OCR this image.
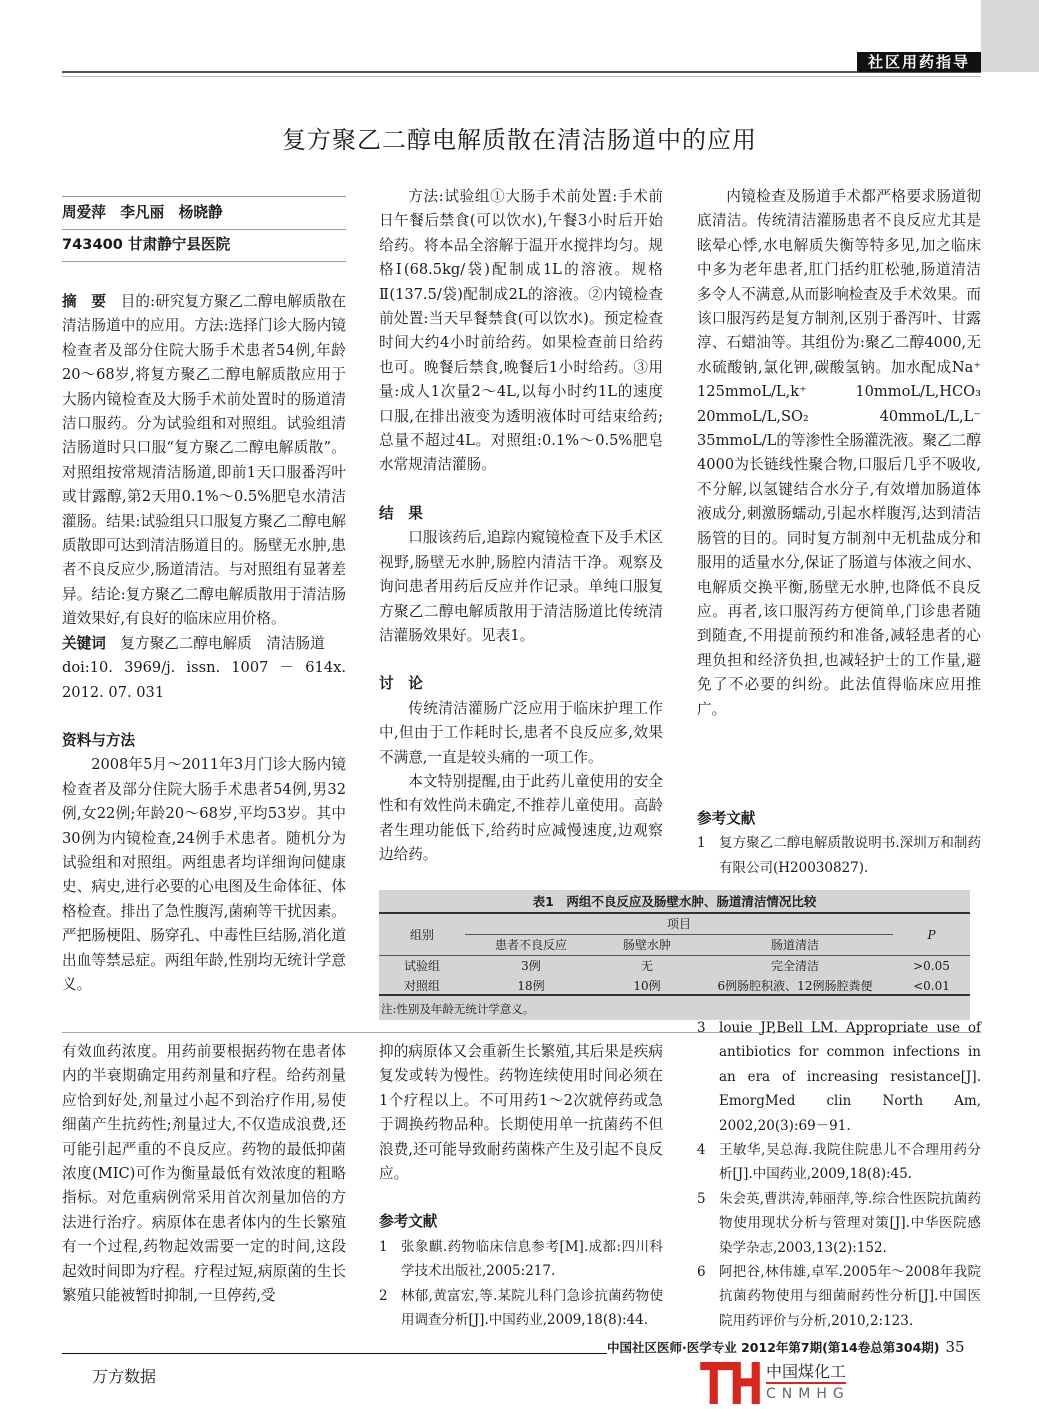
社区用药指导
复方聚乙二醇电解质散在清洁肠道中的应用
周爱萍　李凡丽　杨晓静
743400 甘肃静宁县医院

摘　要　 目的:研究复方聚乙二醇电解质散在清洁肠道中的应用。方法:选择门诊大肠内镜检查者及部分住院大肠手术患者54例,年龄20～68岁,将复方聚乙二醇电解质散应用于大肠内镜检查及大肠手术前处置时的肠道清洁口服药。分为试验组和对照组。试验组清洁肠道时只口服“复方聚乙二醇电解质散”。对照组按常规清洁肠道,即前1天口服番泻叶或甘露醇,第2天用0.1%～0.5%肥皂水清洁灌肠。结果:试验组只口服复方聚乙二醇电解质散即可达到清洁肠道目的。肠壁无水肿,患者不良反应少,肠道清洁。与对照组有显著差异。结论:复方聚乙二醇电解质散用于清洁肠道效果好,有良好的临床应用价格。

关键词　 复方聚乙二醇电解质　清洁肠道

doi:10. 3969/j. issn. 1007 － 614x. 2012. 07. 031

资料与方法

2008年5月～2011年3月门诊大肠内镜检查者及部分住院大肠手术患者54例,男32例,女22例;年龄20～68岁,平均53岁。其中30例为内镜检查,24例手术患者。随机分为试验组和对照组。两组患者均详细询问健康史、病史,进行必要的心电图及生命体征、体格检查。排出了急性腹泻,菌痢等干扰因素。严把肠梗阻、肠穿孔、中毒性巨结肠,消化道出血等禁忌症。两组年龄,性别均无统计学意义。

方法:试验组①大肠手术前处置:手术前日午餐后禁食(可以饮水),午餐3小时后开始给药。将本品全溶解于温开水搅拌均匀。规格Ⅰ(68.5kg/袋)配制成1L的溶液。规格Ⅱ(137.5/袋)配制成2L的溶液。②内镜检查前处置:当天早餐禁食(可以饮水)。预定检查时间大约4小时前给药。如果检查前日给药也可。晚餐后禁食,晚餐后1小时给药。③用量:成人1次量2～4L,以每小时约1L的速度口服,在排出液变为透明液体时可结束给药;总量不超过4L。对照组:0.1%～0.5%肥皂水常规清洁灌肠。

结　果

口服该药后,追踪内窥镜检查下及手术区视野,肠壁无水肿,肠腔内清洁干净。观察及询问患者用药后反应并作记录。单纯口服复方聚乙二醇电解质散用于清洁肠道比传统清洁灌肠效果好。见表1。

讨　论

传统清洁灌肠广泛应用于临床护理工作中,但由于工作耗时长,患者不良反应多,效果不满意,一直是较头痛的一项工作。

本文特别提醒,由于此药儿童使用的安全性和有效性尚未确定,不推荐儿童使用。高龄者生理功能低下,给药时应减慢速度,边观察边给药。

内镜检查及肠道手术都严格要求肠道彻底清洁。传统清洁灌肠患者不良反应尤其是眩晕心悸,水电解质失衡等特多见,加之临床中多为老年患者,肛门括约肛松驰,肠道清洁多令人不满意,从而影响检查及手术效果。而该口服泻药是复方制剂,区别于番泻叶、甘露淳、石蜡油等。其组份为:聚乙二醇4000,无水硫酸钠,氯化钾,碳酸氢钠。加水配成Na⁺ 125mmoL/L,k⁺ 10mmoL/L,HCO₃ 20mmoL/L,SO₂ 40mmoL/L,L⁻ 35mmoL/L的等渗性全肠灌洗液。聚乙二醇4000为长链线性聚合物,口服后几乎不吸收,不分解,以氢键结合水分子,有效增加肠道体液成分,刺激肠蠕动,引起水样腹泻,达到清洁肠管的目的。同时复方制剂中无机盐成分和服用的适量水分,保证了肠道与体液之间水、电解质交换平衡,肠壁无水肿,也降低不良反应。再者,该口服泻药方便简单,门诊患者随到随查,不用提前预约和准备,减轻患者的心理负担和经济负担,也减轻护士的工作量,避免了不必要的纠纷。此法值得临床应用推广。

参考文献

1 复方聚乙二醇电解质散说明书.深圳万和制药有限公司(H20030827).
表1　两组不良反应及肠壁水肿、肠道清洁情况比较
组别
项目
患者不良反应	肠壁水肿	肠道清洁
P
试验组	3例	无	完全清洁	>0.05
对照组	18例	10例	6例肠腔积液、12例肠腔粪便	<0.01
注:性别及年龄无统计学意义。

有效血药浓度。用药前要根据药物在患者体内的半衰期确定用药剂量和疗程。给药剂量应恰到好处,剂量过小起不到治疗作用,易使细菌产生抗药性;剂量过大,不仅造成浪费,还可能引起严重的不良反应。药物的最低抑菌浓度(MIC)可作为衡量最低有效浓度的粗略指标。对危重病例常采用首次剂量加倍的方法进行治疗。病原体在患者体内的生长繁殖有一个过程,药物起效需要一定的时间,这段起效时间即为疗程。疗程过短,病原菌的生长繁殖只能被暂时抑制,一旦停药,受

抑的病原体又会重新生长繁殖,其后果是疾病复发或转为慢性。药物连续使用时间必须在1个疗程以上。不可用药1～2次就停药或急于调换药物品种。长期使用单一抗菌药不但浪费,还可能导致耐药菌株产生及引起不良反应。

参考文献

1 张象麒.药物临床信息参考[M].成都:四川科学技术出版社,2005:217.
2 林郁,黄富宏,等.某院儿科门急诊抗菌药物使用调查分析[J].中国药业,2009,18(8):44.
3 louie JP,Bell LM. Appropriate use of antibiotics for common infections in an era of increasing resistance[J]. EmorgMed clin North Am, 2002,20(3):69－91.
4 王敏华,吴总海.我院住院患儿不合理用药分析[J].中国药业,2009,18(8):45.
5 朱会英,曹洪涛,韩丽萍,等.综合性医院抗菌药物使用现状分析与管理对策[J].中华医院感染学杂志,2003,13(2):152.
6 阿把谷,林伟雄,卓军.2005年～2008年我院抗菌药物使用与细菌耐药性分析[J].中国医院用药评价与分析,2010,2:123.
中国煤化工
CNMHG
中国社区医师·医学专业 2012年第7期(第14卷总第304期) 35
万方数据
